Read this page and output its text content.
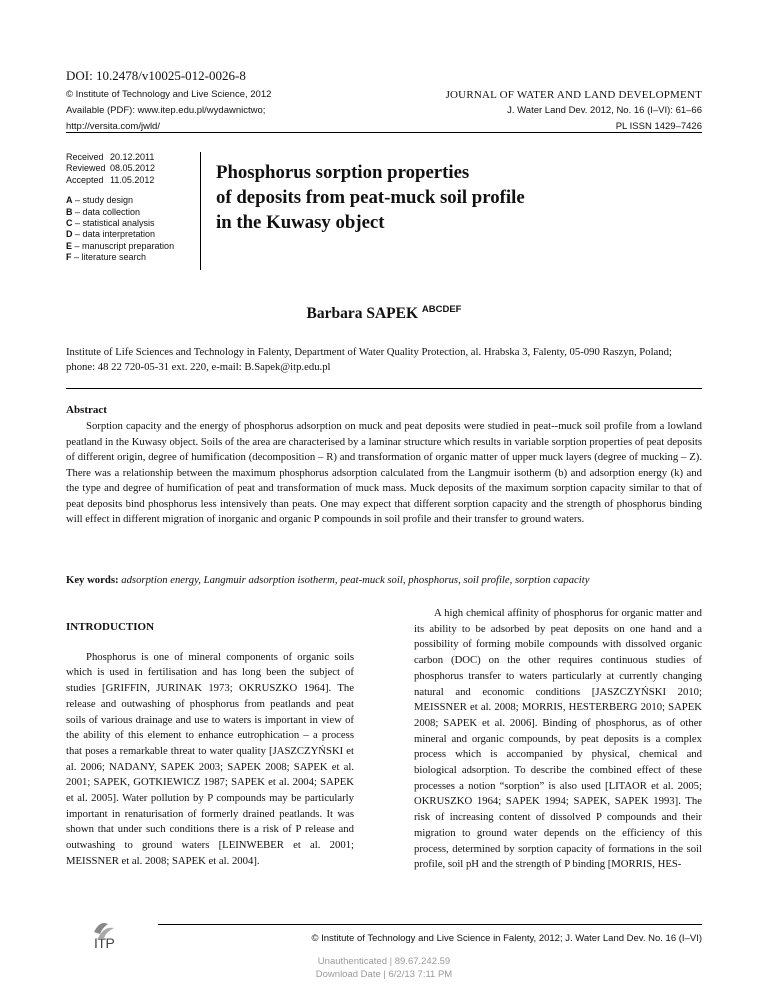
DOI: 10.2478/v10025-012-0026-8
© Institute of Technology and Live Science, 2012
Available (PDF): www.itep.edu.pl/wydawnictwo;
http://versita.com/jwld/
JOURNAL OF WATER AND LAND DEVELOPMENT
J. Water Land Dev. 2012, No. 16 (I–VI): 61–66
PL ISSN 1429–7426
Received 20.12.2011
Reviewed 08.05.2012
Accepted 11.05.2012
A – study design
B – data collection
C – statistical analysis
D – data interpretation
E – manuscript preparation
F – literature search
Phosphorus sorption properties
of deposits from peat-muck soil profile
in the Kuwasy object
Barbara SAPEK $^{ABCDEF}$
Institute of Life Sciences and Technology in Falenty, Department of Water Quality Protection, al. Hrabska 3, Falenty, 05-090 Raszyn, Poland; phone: 48 22 720-05-31 ext. 220, e-mail: B.Sapek@itp.edu.pl
Abstract
Sorption capacity and the energy of phosphorus adsorption on muck and peat deposits were studied in peat--muck soil profile from a lowland peatland in the Kuwasy object. Soils of the area are characterised by a laminar structure which results in variable sorption properties of peat deposits of different origin, degree of humification (decomposition – R) and transformation of organic matter of upper muck layers (degree of mucking – Z). There was a relationship between the maximum phosphorus adsorption calculated from the Langmuir isotherm (b) and adsorption energy (k) and the type and degree of humification of peat and transformation of muck mass. Muck deposits of the maximum sorption capacity similar to that of peat deposits bind phosphorus less intensively than peats. One may expect that different sorption capacity and the strength of phosphorus binding will effect in different migration of inorganic and organic P compounds in soil profile and their transfer to ground waters.
Key words: adsorption energy, Langmuir adsorption isotherm, peat-muck soil, phosphorus, soil profile, sorption capacity
INTRODUCTION

Phosphorus is one of mineral components of organic soils which is used in fertilisation and has long been the subject of studies [GRIFFIN, JURINAK 1973; OKRUSZKO 1964]. The release and outwashing of phosphorus from peatlands and peat soils of various drainage and use to waters is important in view of the ability of this element to enhance eutrophication – a process that poses a remarkable threat to water quality [JASZCZYŃSKI et al. 2006; NADANY, SAPEK 2003; SAPEK 2008; SAPEK et al. 2001; SAPEK, GOTKIEWICZ 1987; SAPEK et al. 2004; SAPEK et al. 2005]. Water pollution by P compounds may be particularly important in renaturisation of formerly drained peatlands. It was shown that under such conditions there is a risk of P release and outwashing to ground waters [LEINWEBER et al. 2001; MEISSNER et al. 2008; SAPEK et al. 2004].

A high chemical affinity of phosphorus for organic matter and its ability to be adsorbed by peat deposits on one hand and a possibility of forming mobile compounds with dissolved organic carbon (DOC) on the other requires continuous studies of phosphorus transfer to waters particularly at currently changing natural and economic conditions [JASZCZYŃSKI 2010; MEISSNER et al. 2008; MORRIS, HESTERBERG 2010; SAPEK 2008; SAPEK et al. 2006]. Binding of phosphorus, as of other mineral and organic compounds, by peat deposits is a complex process which is accompanied by physical, chemical and biological adsorption. To describe the combined effect of these processes a notion “sorption” is also used [LITAOR et al. 2005; OKRUSZKO 1964; SAPEK 1994; SAPEK, SAPEK 1993]. The risk of increasing content of dissolved P compounds and their migration to ground water depends on the efficiency of this process, determined by sorption capacity of formations in the soil profile, soil pH and the strength of P binding [MORRIS, HES-
ITP	© Institute of Technology and Live Science in Falenty, 2012; J. Water Land Dev. No. 16 (I–VI)
Unauthenticated | 89.67.242.59
Download Date | 6/2/13 7:11 PM
